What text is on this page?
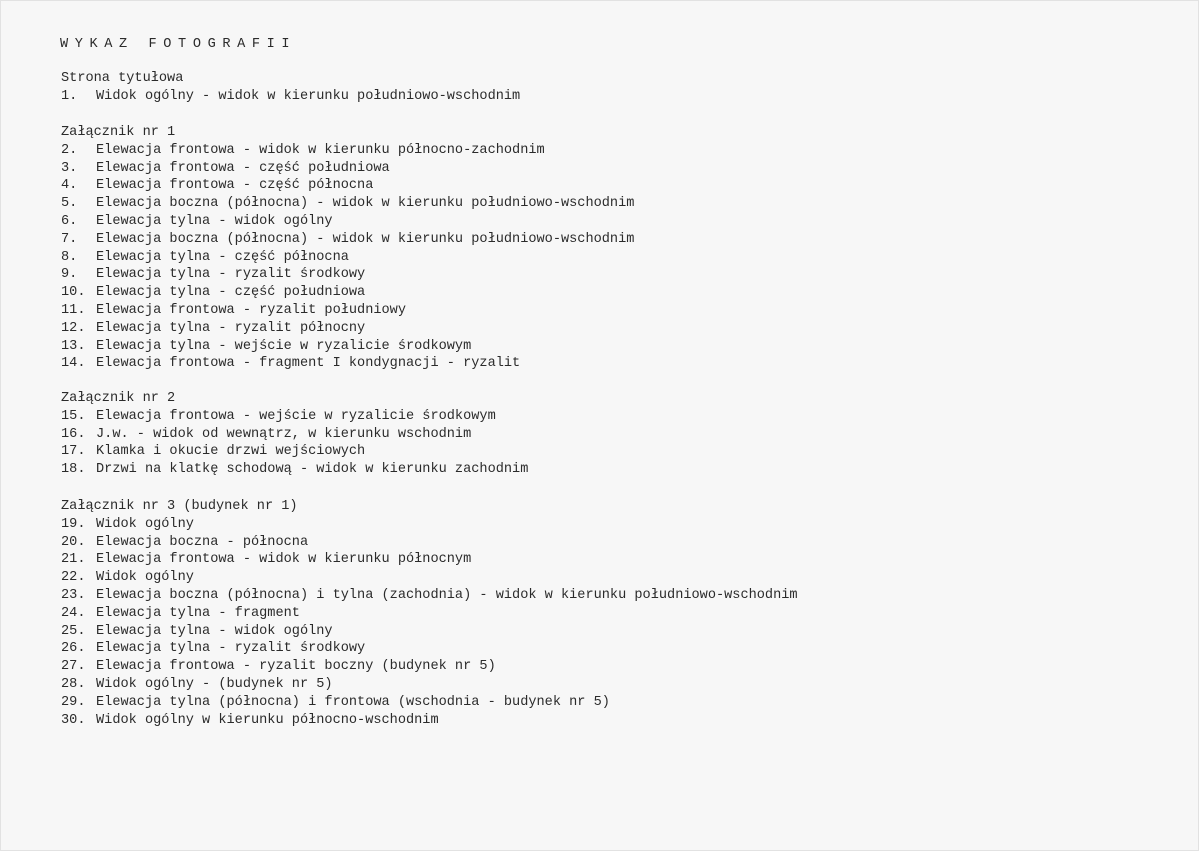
WYKAZ FOTOGRAFII
Strona tytułowa
1.	Widok ogólny - widok w kierunku południowo-wschodnim
Załącznik nr 1
2.	Elewacja frontowa - widok w kierunku północno-zachodnim
3.	Elewacja frontowa - część południowa
4.	Elewacja frontowa - część północna
5.	Elewacja boczna (północna) - widok w kierunku południowo-wschodnim
6.	Elewacja tylna - widok ogólny
7.	Elewacja boczna (północna) - widok w kierunku południowo-wschodnim
8.	Elewacja tylna - część północna
9.	Elewacja tylna - ryzalit środkowy
10. Elewacja tylna - część południowa
11. Elewacja frontowa - ryzalit południowy
12. Elewacja tylna - ryzalit północny
13. Elewacja tylna - wejście w ryzalicie środkowym
14. Elewacja frontowa - fragment I kondygnacji - ryzalit
Załącznik nr 2
15. Elewacja frontowa - wejście w ryzalicie środkowym
16. J.w. - widok od wewnątrz, w kierunku wschodnim
17. Klamka i okucie drzwi wejściowych
18. Drzwi na klatkę schodową - widok w kierunku zachodnim
Załącznik nr 3 (budynek nr 1)
19. Widok ogólny
20. Elewacja boczna - północna
21. Elewacja frontowa - widok w kierunku północnym
22. Widok ogólny
23. Elewacja boczna (północna) i tylna (zachodnia) - widok w kierunku południowo-wschodnim
24. Elewacja tylna - fragment
25. Elewacja tylna - widok ogólny
26. Elewacja tylna - ryzalit środkowy
27. Elewacja frontowa - ryzalit boczny (budynek nr 5)
28. Widok ogólny - (budynek nr 5)
29. Elewacja tylna (północna) i frontowa (wschodnia - budynek nr 5)
30. Widok ogólny w kierunku północno-wschodnim
